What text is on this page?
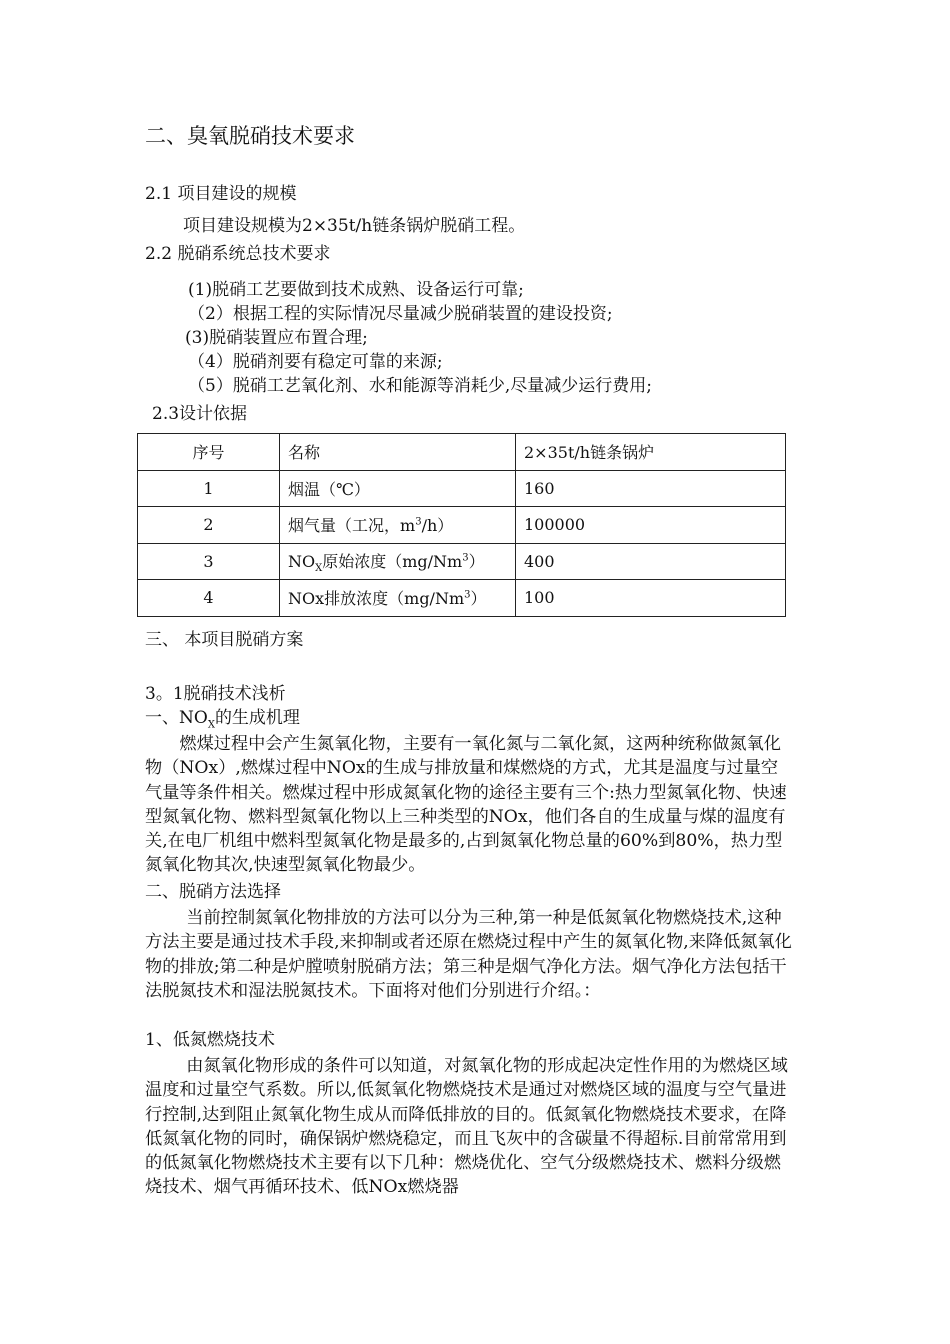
二、臭氧脱硝技术要求
2.1 项目建设的规模
项目建设规模为2×35t/h链条锅炉脱硝工程。
2.2 脱硝系统总技术要求
(1)脱硝工艺要做到技术成熟、设备运行可靠;
（2）根据工程的实际情况尽量减少脱硝装置的建设投资;
(3)脱硝装置应布置合理;
（4）脱硝剂要有稳定可靠的来源;
（5）脱硝工艺氧化剂、水和能源等消耗少,尽量减少运行费用;
2.3设计依据
序号	名称	2×35t/h链条锅炉
1	烟温（℃）	160
2	烟气量（工况，$m^3/h$）	100000
3	$NO_X$原始浓度（mg/Nm$^3$）	400
4	NOx排放浓度（mg/Nm$^3$）	100
三、 本项目脱硝方案
3。1脱硝技术浅析
一、$NO_X$的生成机理
燃煤过程中会产生氮氧化物，主要有一氧化氮与二氧化氮，这两种统称做氮氧化物（NOx）,燃煤过程中NOx的生成与排放量和煤燃烧的方式，尤其是温度与过量空气量等条件相关。燃煤过程中形成氮氧化物的途径主要有三个:热力型氮氧化物、快速型氮氧化物、燃料型氮氧化物以上三种类型的NOx，他们各自的生成量与煤的温度有关,在电厂机组中燃料型氮氧化物是最多的,占到氮氧化物总量的60%到80%，热力型氮氧化物其次,快速型氮氧化物最少。
二、脱硝方法选择
当前控制氮氧化物排放的方法可以分为三种,第一种是低氮氧化物燃烧技术,这种方法主要是通过技术手段,来抑制或者还原在燃烧过程中产生的氮氧化物,来降低氮氧化物的排放;第二种是炉膛喷射脱硝方法；第三种是烟气净化方法。烟气净化方法包括干法脱氮技术和湿法脱氮技术。下面将对他们分别进行介绍。：
1、低氮燃烧技术
由氮氧化物形成的条件可以知道，对氮氧化物的形成起决定性作用的为燃烧区域温度和过量空气系数。所以,低氮氧化物燃烧技术是通过对燃烧区域的温度与空气量进行控制,达到阻止氮氧化物生成从而降低排放的目的。低氮氧化物燃烧技术要求，在降低氮氧化物的同时，确保锅炉燃烧稳定，而且飞灰中的含碳量不得超标.目前常常用到的低氮氧化物燃烧技术主要有以下几种：燃烧优化、空气分级燃烧技术、燃料分级燃烧技术、烟气再循环技术、低NOx燃烧器
